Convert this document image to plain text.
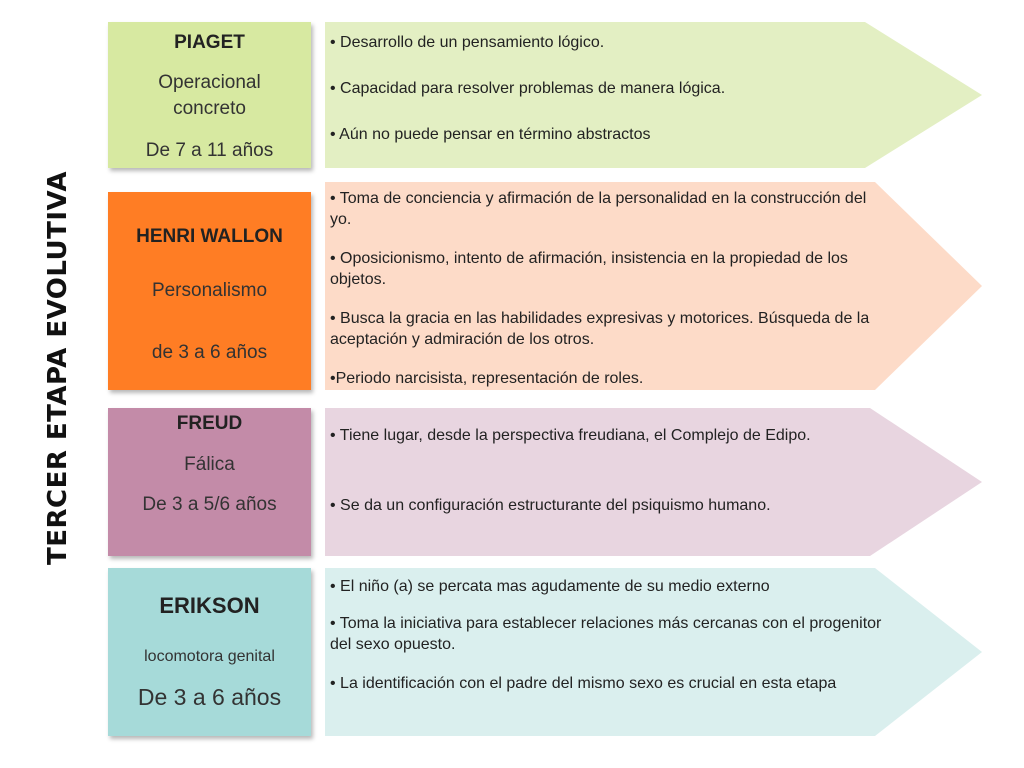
TERCER ETAPA EVOLUTIVA
PIAGET
Operacional concreto
De 7 a 11 años
• Desarrollo de un pensamiento lógico.
• Capacidad para resolver problemas de manera lógica.
• Aún no puede pensar en término abstractos
HENRI WALLON
Personalismo
de 3 a 6 años
• Toma de conciencia y afirmación de la personalidad en la construcción del yo.
• Oposicionismo, intento de afirmación, insistencia en la propiedad de los objetos.
• Busca la gracia en las habilidades expresivas y motorices. Búsqueda de la aceptación y admiración de los otros.
•Periodo narcisista, representación de roles.
FREUD
Fálica
De 3 a 5/6 años
• Tiene lugar, desde la perspectiva freudiana, el Complejo de Edipo.
• Se da un configuración estructurante del psiquismo humano.
ERIKSON
locomotora genital
De 3 a 6 años
• El niño (a) se percata mas agudamente de su medio externo
• Toma la iniciativa para establecer relaciones más cercanas con el progenitor del sexo opuesto.
• La identificación con el padre del mismo sexo es crucial en esta etapa
